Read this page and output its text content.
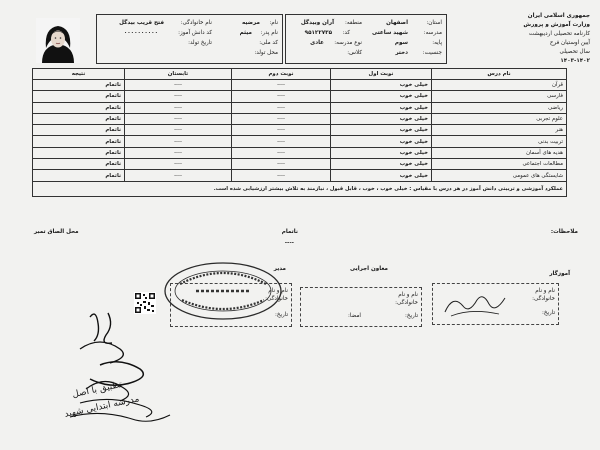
جمهوری اسلامی ایران
وزارت آموزش و پرورش
کارنامه تحصیلی اردیبهشت
آیین اوستیان فرح
سال تحصیلی
۱۴۰۳-۱۴۰۲
استان:
اصفهان
منطقه:
آران وبیدگل
مدرسه:
شهید ساعتی
کد:
۹۵۱۲۲۷۳۵
پایه:
سوم
نوع مدرسه:
عادی
جنسیت:
دختر
کلاس:
نام:
مرضیه
نام خانوادگی:
فتح قریب بیدگل
نام پدر:
میثم
کد دانش آموز:
۰۰۰۰۰۰۰۰۰۰
کد ملی:
تاریخ تولد:
محل تولد:
نام درس	نوبت اول	نوبت دوم	تابستان	نتیجه
قرآن	خیلی خوب	----	----	ناتمام
فارسی	خیلی خوب	----	----	ناتمام
ریاضی	خیلی خوب	----	----	ناتمام
علوم تجربی	خیلی خوب	----	----	ناتمام
هنر	خیلی خوب	----	----	ناتمام
تربیت بدنی	خیلی خوب	----	----	ناتمام
هدیه های آسمان	خیلی خوب	----	----	ناتمام
مطالعات اجتماعی	خیلی خوب	----	----	ناتمام
شایستگی های عمومی	خیلی خوب	----	----	ناتمام
عملکرد آموزشی و تربیتی دانش آموز در هر درس با مقیاس : خیلی خوب ، خوب ، قابل قبول ، نیازمند به تلاش بیشتر ارزشیابی شده است.				
ملاحظات:
ناتمام
----
محل الصاق تمبر
آموزگار
نام و نام
خانوادگی:
تاریخ:
معاون اجرایی
نام و نام
خانوادگی:
تاریخ:
امضا:
مدیر
نام و نام
خانوادگی:
تاریخ:
تطبیق با اصل
مدرسه ابتدایی شهید
